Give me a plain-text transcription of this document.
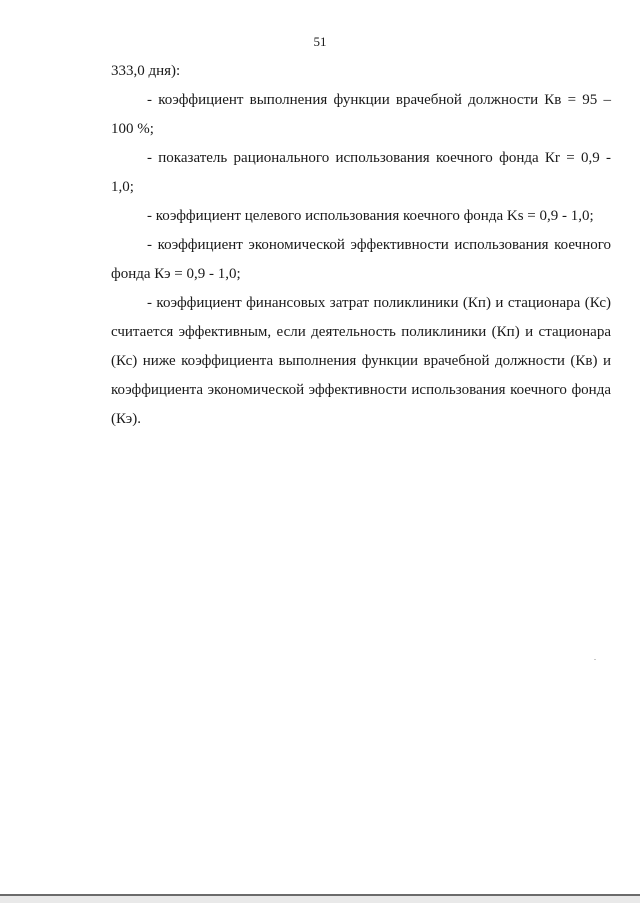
51
333,0 дня):
- коэффициент выполнения функции врачебной должности Кв = 95 –
100 %;
- показатель рационального использования коечного фонда Кr = 0,9 -
1,0;
- коэффициент целевого использования коечного фонда Ks = 0,9 - 1,0;
- коэффициент экономической эффективности использования коечного
фонда Кэ = 0,9 - 1,0;
- коэффициент финансовых затрат поликлиники (Кп) и стационара (Кс)
считается эффективным, если деятельность поликлиники (Кп) и стационара
(Кс) ниже коэффициента выполнения функции врачебной должности (Кв) и
коэффициента экономической эффективности использования коечного фонда
(Кэ).
